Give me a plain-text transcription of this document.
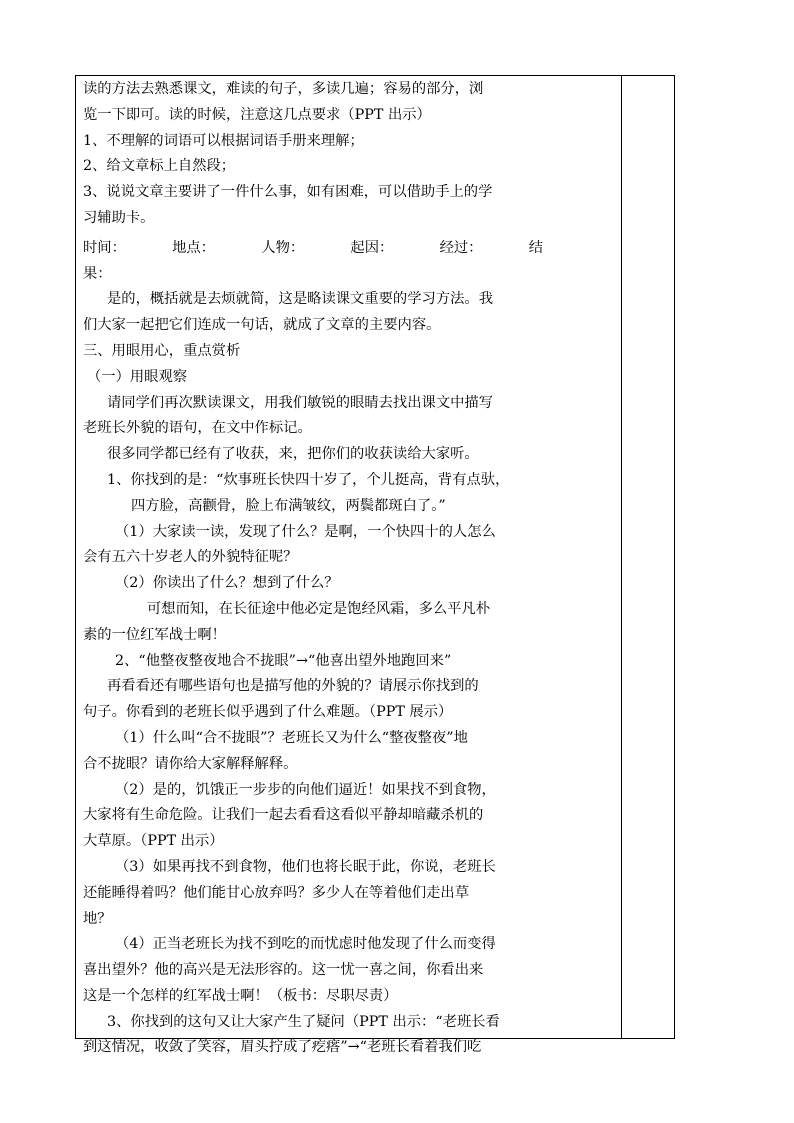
读的方法去熟悉课文，难读的句子，多读几遍；容易的部分，浏
览一下即可。读的时候，注意这几点要求（PPT 出示）
1、不理解的词语可以根据词语手册来理解；
2、给文章标上自然段；
3、说说文章主要讲了一件什么事，如有困难，可以借助手上的学
习辅助卡。
时间：	地点：	人物：	起因：	经过：	结
果：
是的，概括就是去烦就简，这是略读课文重要的学习方法。我
们大家一起把它们连成一句话，就成了文章的主要内容。
三、用眼用心，重点赏析
（一）用眼观察
请同学们再次默读课文，用我们敏锐的眼睛去找出课文中描写
老班长外貌的语句，在文中作标记。
很多同学都已经有了收获，来，把你们的收获读给大家听。
1、你找到的是：“炊事班长快四十岁了，个儿挺高，背有点驮，
四方脸，高颧骨，脸上布满皱纹，两鬓都斑白了。”
（1）大家读一读，发现了什么？是啊，一个快四十的人怎么
会有五六十岁老人的外貌特征呢？
（2）你读出了什么？想到了什么？
可想而知，在长征途中他必定是饱经风霜，多么平凡朴
素的一位红军战士啊！
2、“他整夜整夜地合不拢眼”→“他喜出望外地跑回来”
再看看还有哪些语句也是描写他的外貌的？请展示你找到的
句子。你看到的老班长似乎遇到了什么难题。（PPT 展示）
（1）什么叫“合不拢眼”？老班长又为什么“整夜整夜”地
合不拢眼？请你给大家解释解释。
（2）是的，饥饿正一步步的向他们逼近！如果找不到食物，
大家将有生命危险。让我们一起去看看这看似平静却暗藏杀机的
大草原。（PPT 出示）
（3）如果再找不到食物，他们也将长眠于此，你说，老班长
还能睡得着吗？他们能甘心放弃吗？多少人在等着他们走出草
地？
（4）正当老班长为找不到吃的而忧虑时他发现了什么而变得
喜出望外？他的高兴是无法形容的。这一忧一喜之间，你看出来
这是一个怎样的红军战士啊！（板书：尽职尽责）
3、你找到的这句又让大家产生了疑问（PPT 出示：“老班长看
到这情况，收敛了笑容，眉头拧成了疙瘩”→“老班长看着我们吃
